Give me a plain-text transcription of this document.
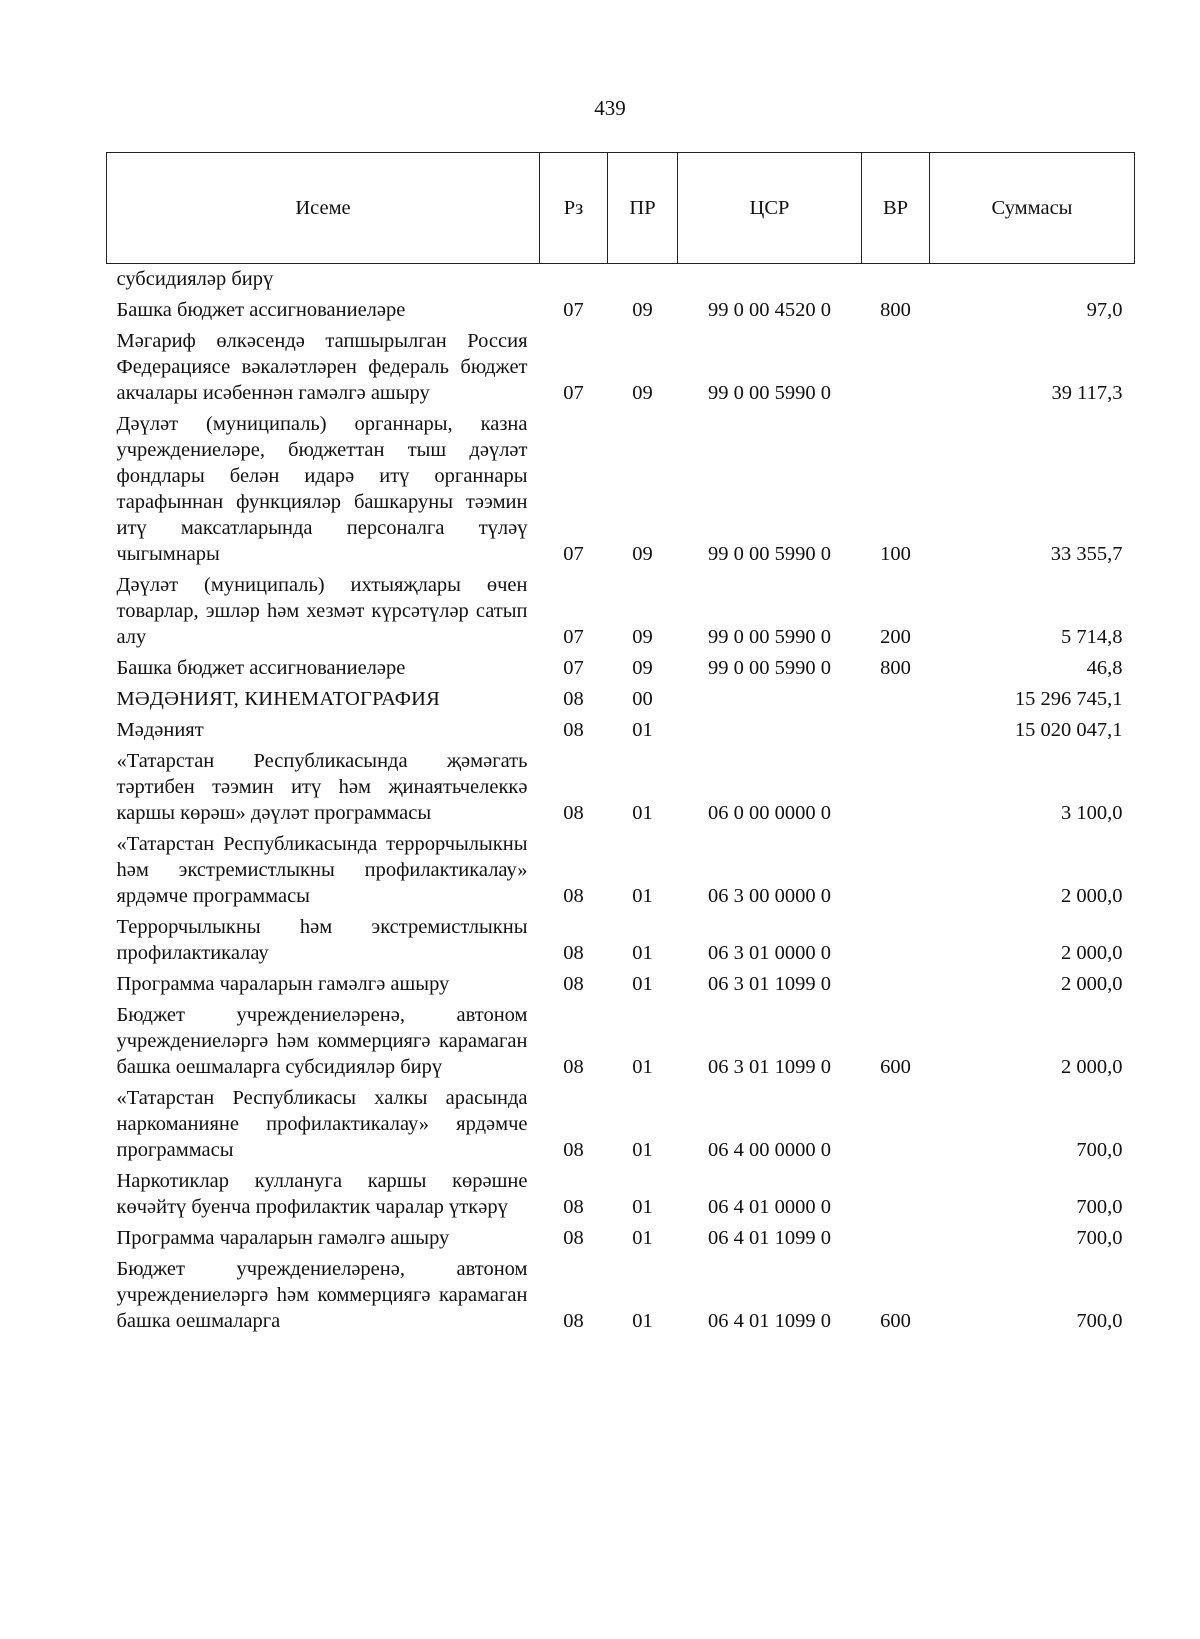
439
Исеме	Рз	ПР	ЦСР	ВР	Суммасы
субсидияләр бирү					
Башка бюджет ассигнованиеләре	07	09	99 0 00 4520 0	800	97,0
Мәгариф өлкәсендә тапшырылган Россия Федерациясе вәкаләтләрен федераль бюджет акчалары исәбеннән гамәлгә ашыру	07	09	99 0 00 5990 0		39 117,3
Дәүләт (муниципаль) органнары, казна учреждениеләре, бюджеттан тыш дәүләт фондлары белән идарә итү органнары тарафыннан функцияләр башкаруны тәэмин итү максатларында персоналга түләү чыгымнары	07	09	99 0 00 5990 0	100	33 355,7
Дәүләт (муниципаль) ихтыяҗлары өчен товарлар, эшләр һәм хезмәт күрсәтүләр сатып алу	07	09	99 0 00 5990 0	200	5 714,8
Башка бюджет ассигнованиеләре	07	09	99 0 00 5990 0	800	46,8
МӘДӘНИЯТ, КИНЕМАТОГРАФИЯ	08	00			15 296 745,1
Мәдәният	08	01			15 020 047,1
«Татарстан Республикасында җәмәгать тәртибен тәэмин итү һәм җинаятьчелеккә каршы көрәш» дәүләт программасы	08	01	06 0 00 0000 0		3 100,0
«Татарстан Республикасында террорчылыкны һәм экстремистлыкны профилактикалау» ярдәмче программасы	08	01	06 3 00 0000 0		2 000,0
Террорчылыкны һәм экстремистлыкны профилактикалау	08	01	06 3 01 0000 0		2 000,0
Программа чараларын гамәлгә ашыру	08	01	06 3 01 1099 0		2 000,0
Бюджет учреждениеләренә, автоном учреждениеләргә һәм коммерциягә карамаган башка оешмаларга субсидияләр бирү	08	01	06 3 01 1099 0	600	2 000,0
«Татарстан Республикасы халкы арасында наркоманияне профилактикалау» ярдәмче программасы	08	01	06 4 00 0000 0		700,0
Наркотиклар куллануга каршы көрәшне көчәйтү буенча профилактик чаралар үткәрү	08	01	06 4 01 0000 0		700,0
Программа чараларын гамәлгә ашыру	08	01	06 4 01 1099 0		700,0
Бюджет учреждениеләренә, автоном учреждениеләргә һәм коммерциягә карамаган башка оешмаларга	08	01	06 4 01 1099 0	600	700,0
